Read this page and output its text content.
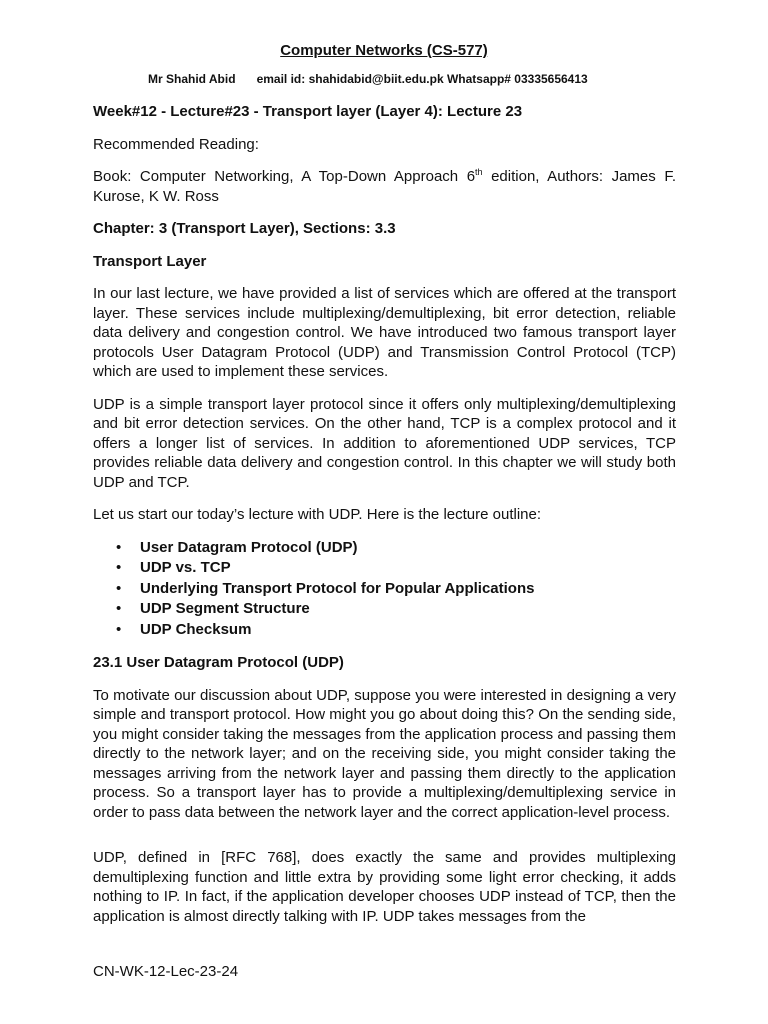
Computer Networks (CS-577)
Mr Shahid Abid email id: shahidabid@biit.edu.pk Whatsapp# 03335656413

Week#12 - Lecture#23 - Transport layer (Layer 4): Lecture 23

Recommended Reading:

Book: Computer Networking, A Top-Down Approach 6th edition, Authors: James F. Kurose, K W. Ross

Chapter: 3 (Transport Layer), Sections: 3.3

Transport Layer

In our last lecture, we have provided a list of services which are offered at the transport layer. These services include multiplexing/demultiplexing, bit error detection, reliable data delivery and congestion control. We have introduced two famous transport layer protocols User Datagram Protocol (UDP) and Transmission Control Protocol (TCP) which are used to implement these services.

UDP is a simple transport layer protocol since it offers only multiplexing/demultiplexing and bit error detection services. On the other hand, TCP is a complex protocol and it offers a longer list of services. In addition to aforementioned UDP services, TCP provides reliable data delivery and congestion control. In this chapter we will study both UDP and TCP.

Let us start our today’s lecture with UDP. Here is the lecture outline:

• User Datagram Protocol (UDP)
• UDP vs. TCP
• Underlying Transport Protocol for Popular Applications
• UDP Segment Structure
• UDP Checksum

23.1 User Datagram Protocol (UDP)

To motivate our discussion about UDP, suppose you were interested in designing a very simple and transport protocol. How might you go about doing this? On the sending side, you might consider taking the messages from the application process and passing them directly to the network layer; and on the receiving side, you might consider taking the messages arriving from the network layer and passing them directly to the application process. So a transport layer has to provide a multiplexing/demultiplexing service in order to pass data between the network layer and the correct application-level process.

UDP, defined in [RFC 768], does exactly the same and provides multiplexing demultiplexing function and little extra by providing some light error checking, it adds nothing to IP. In fact, if the application developer chooses UDP instead of TCP, then the application is almost directly talking with IP. UDP takes messages from the

CN-WK-12-Lec-23-24
